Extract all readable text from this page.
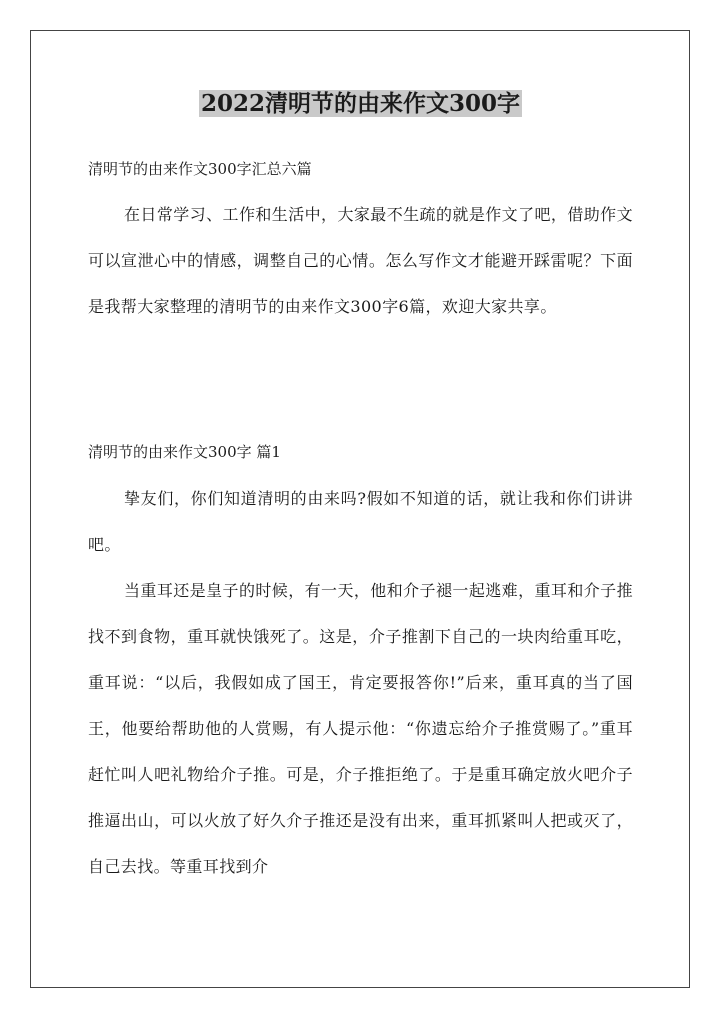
2022清明节的由来作文300字

清明节的由来作文300字汇总六篇

在日常学习、工作和生活中，大家最不生疏的就是作文了吧，借助作文可以宣泄心中的情感，调整自己的心情。怎么写作文才能避开踩雷呢？下面是我帮大家整理的清明节的由来作文300字6篇，欢迎大家共享。

清明节的由来作文300字 篇1

挚友们，你们知道清明的由来吗?假如不知道的话，就让我和你们讲讲吧。

当重耳还是皇子的时候，有一天，他和介子褪一起逃难，重耳和介子推找不到食物，重耳就快饿死了。这是，介子推割下自己的一块肉给重耳吃，重耳说：“以后，我假如成了国王，肯定要报答你!”后来，重耳真的当了国王，他要给帮助他的人赏赐，有人提示他：“你遗忘给介子推赏赐了。”重耳赶忙叫人吧礼物给介子推。可是，介子推拒绝了。于是重耳确定放火吧介子推逼出山，可以火放了好久介子推还是没有出来，重耳抓紧叫人把或灭了，自己去找。等重耳找到介
